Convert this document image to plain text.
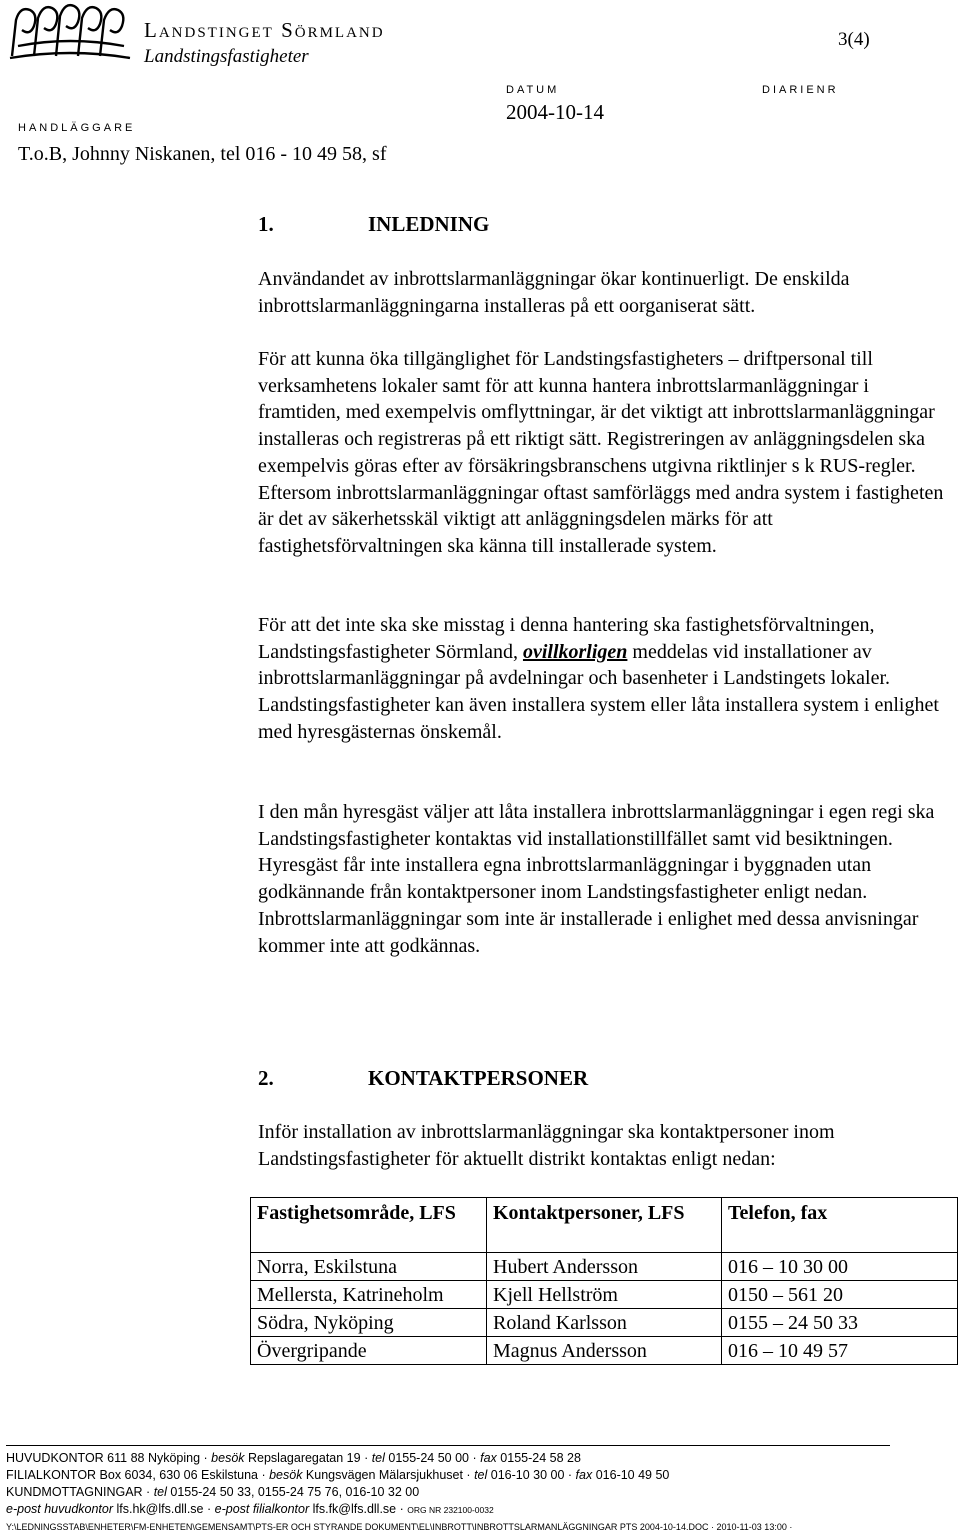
Landstinget Sörmland
Landstingsfastigheter
3(4)
HANDLÄGGARE
DATUM	DIARIENR
2004-10-14
T.o.B, Johnny Niskanen, tel 016 - 10 49 58, sf
1.	INLEDNING
Användandet av inbrottslarmanläggningar ökar kontinuerligt. De enskilda inbrottslarmanläggningarna installeras på ett oorganiserat sätt.
För att kunna öka tillgänglighet för Landstingsfastigheters – driftpersonal till verksamhetens lokaler samt för att kunna hantera inbrottslarmanläggningar i framtiden, med exempelvis omflyttningar, är det viktigt att inbrottslarmanläggningar installeras och registreras på ett riktigt sätt. Registreringen av anläggningsdelen ska exempelvis göras efter av försäkringsbranschens utgivna riktlinjer s k RUS-regler. Eftersom inbrottslarmanläggningar oftast samförläggs med andra system i fastigheten är det av säkerhetsskäl viktigt att anläggningsdelen märks för att fastighetsförvaltningen ska känna till installerade system.
För att det inte ska ske misstag i denna hantering ska fastighetsförvaltningen, Landstingsfastigheter Sörmland, ovillkorligen meddelas vid installationer av inbrottslarmanläggningar på avdelningar och basenheter i Landstingets lokaler. Landstingsfastigheter kan även installera system eller låta installera system i enlighet med hyresgästernas önskemål.
I den mån hyresgäst väljer att låta installera inbrottslarmanläggningar i egen regi ska Landstingsfastigheter kontaktas vid installationstillfället samt vid besiktningen. Hyresgäst får inte installera egna inbrottslarmanläggningar i byggnaden utan godkännande från kontaktpersoner inom Landstingsfastigheter enligt nedan. Inbrottslarmanläggningar som inte är installerade i enlighet med dessa anvisningar kommer inte att godkännas.
2.	KONTAKTPERSONER
Inför installation av inbrottslarmanläggningar ska kontaktpersoner inom Landstingsfastigheter för aktuellt distrikt kontaktas enligt nedan:
Fastighetsområde, LFS	Kontaktpersoner, LFS	Telefon, fax
Norra, Eskilstuna	Hubert Andersson	016 – 10 30 00
Mellersta, Katrineholm	Kjell Hellström	0150 – 561 20
Södra, Nyköping	Roland Karlsson	0155 – 24 50 33
Övergripande	Magnus Andersson	016 – 10 49 57
HUVUDKONTOR 611 88 Nyköping · besök Repslagaregatan 19 · tel 0155-24 50 00 · fax 0155-24 58 28
FILIALKONTOR Box 6034, 630 06 Eskilstuna · besök Kungsvägen Mälarsjukhuset · tel 016-10 30 00 · fax 016-10 49 50
KUNDMOTTAGNINGAR · tel 0155-24 50 33, 0155-24 75 76, 016-10 32 00
e-post huvudkontor lfs.hk@lfs.dll.se · e-post filialkontor lfs.fk@lfs.dll.se · ORG NR 232100-0032
Y:\LEDNINGSSTAB\ENHETER\FM-ENHETEN\GEMENSAMT\PTS-ER OCH STYRANDE DOKUMENT\EL\INBROTT\INBROTTSLARMANLÄGGNINGAR PTS 2004-10-14.DOC · 2010-11-03 13:00 ·
